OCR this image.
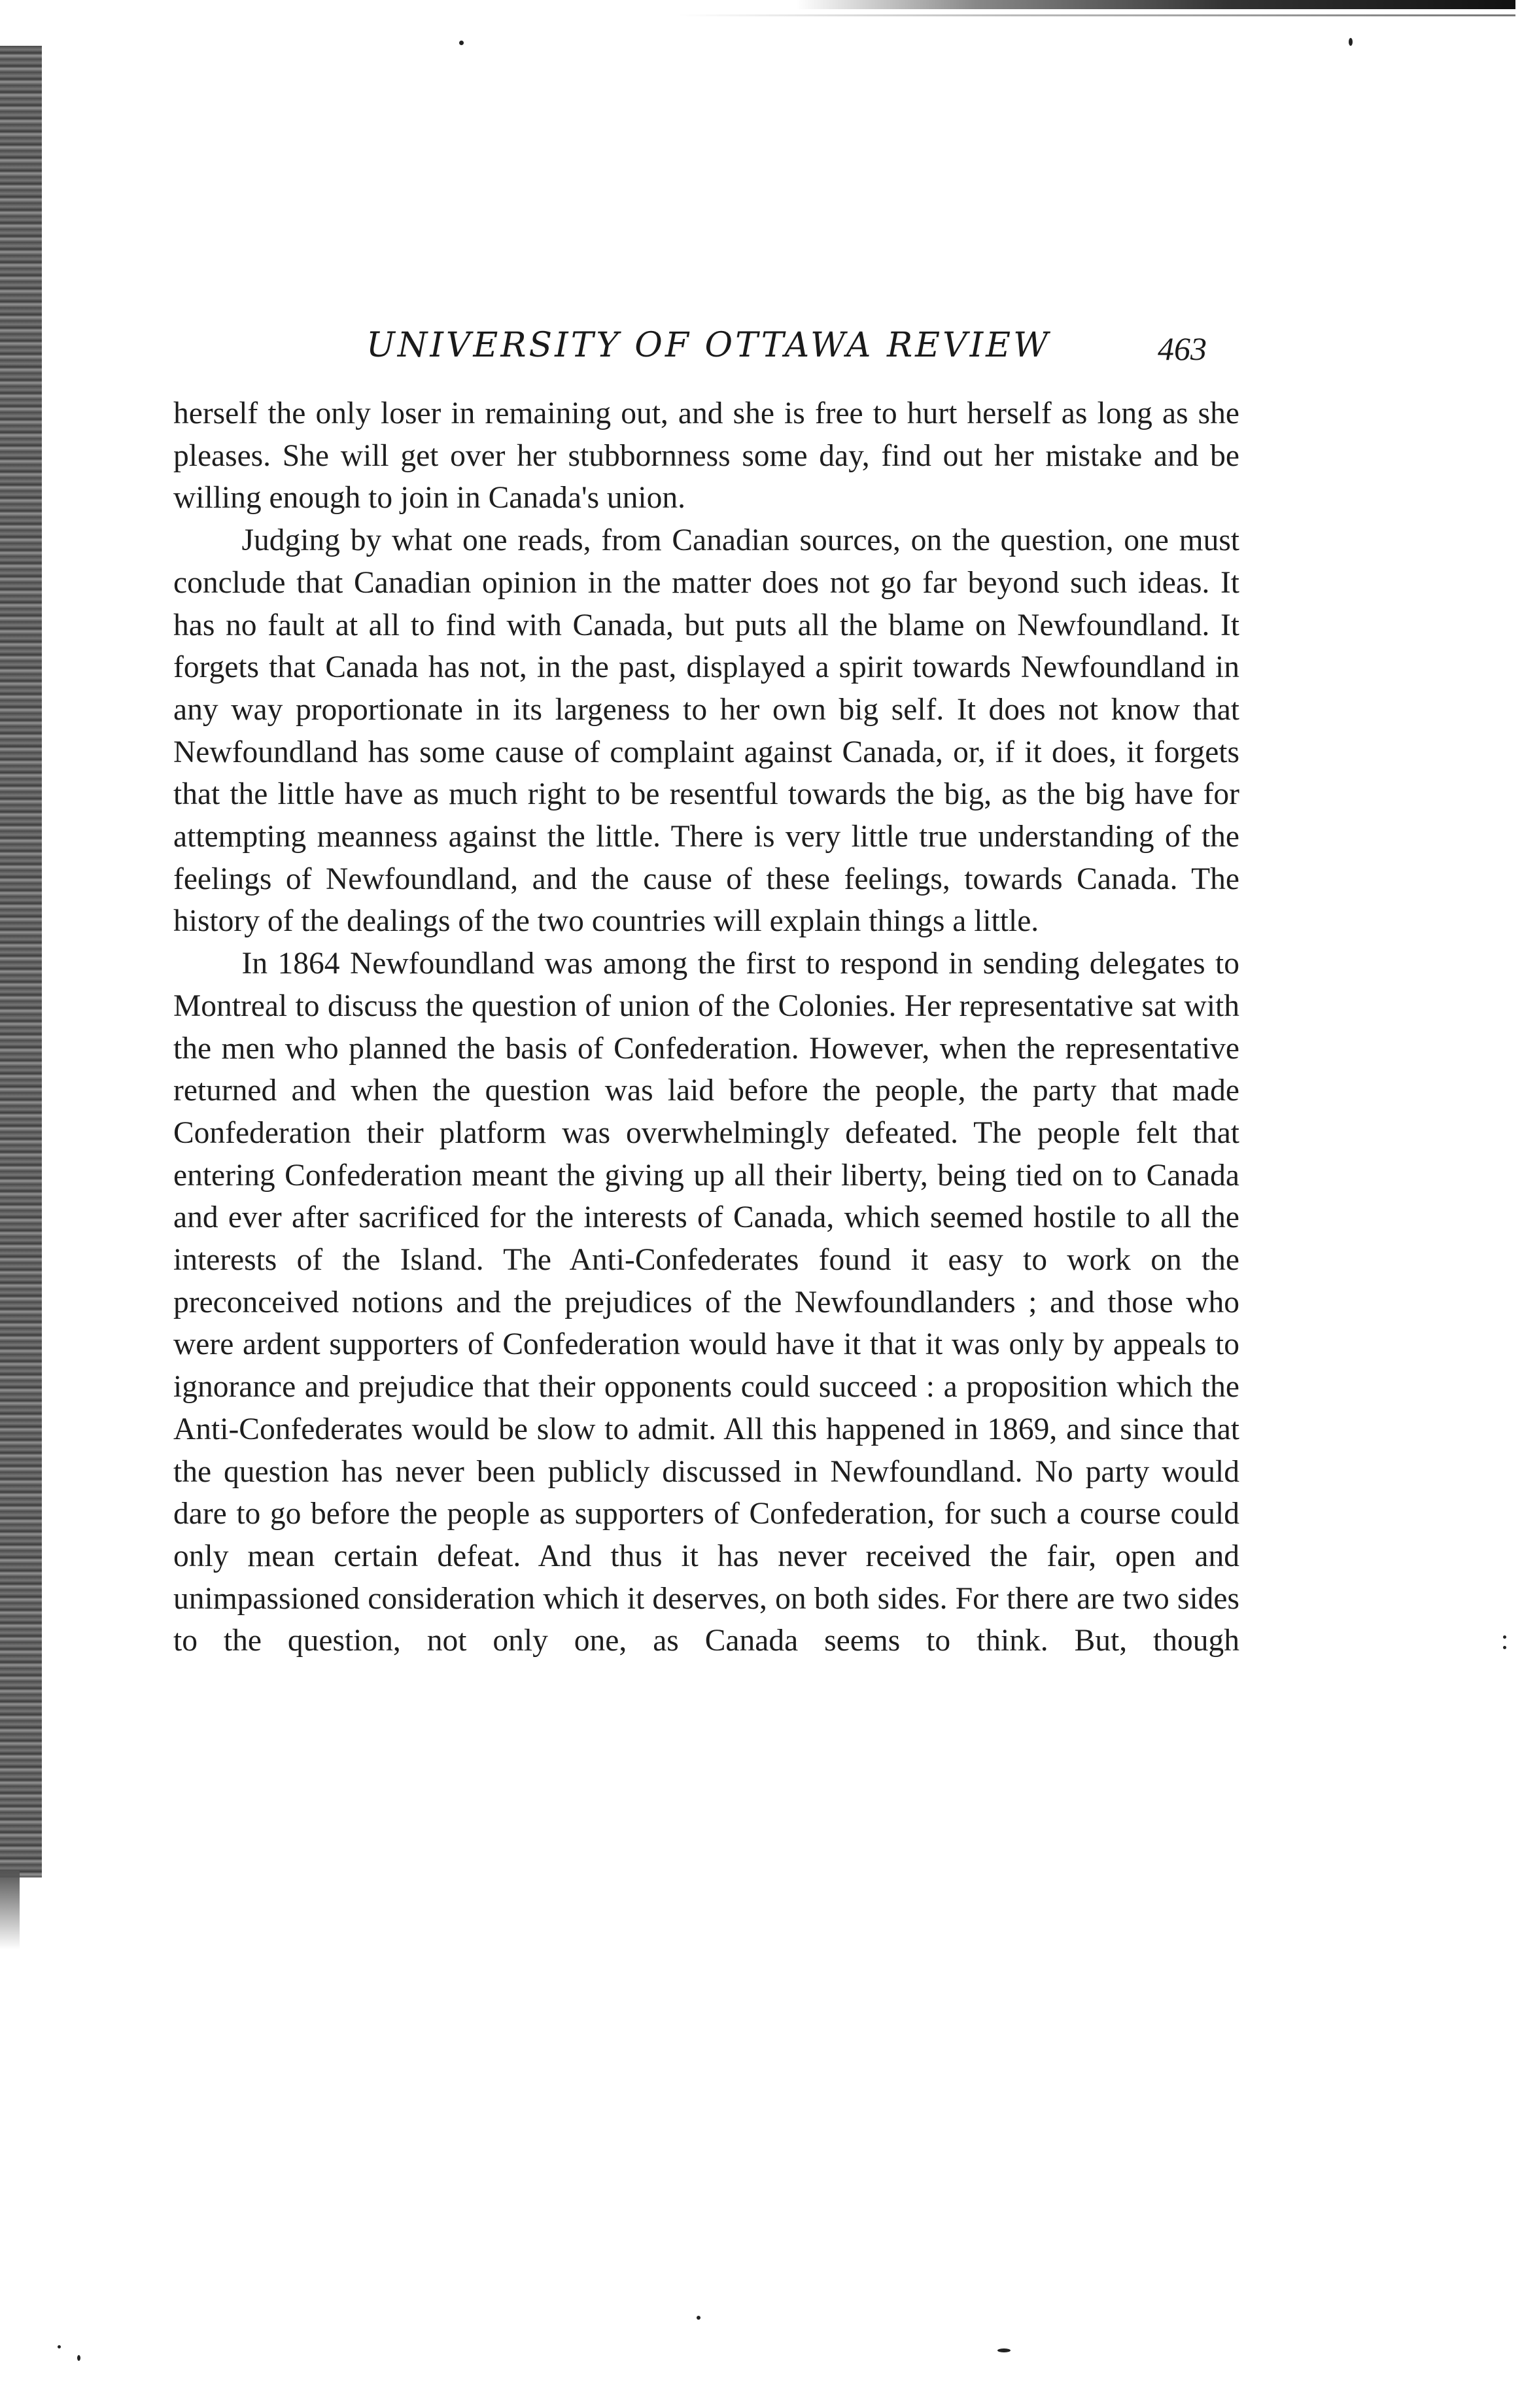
UNIVERSITY OF OTTAWA REVIEW	463

herself the only loser in remaining out, and she is free to hurt herself as long as she pleases. She will get over her stubbornness some day, find out her mistake and be willing enough to join in Canada's union.

Judging by what one reads, from Canadian sources, on the question, one must conclude that Canadian opinion in the matter does not go far beyond such ideas. It has no fault at all to find with Canada, but puts all the blame on Newfoundland. It forgets that Canada has not, in the past, displayed a spirit towards Newfoundland in any way proportionate in its largeness to her own big self. It does not know that Newfoundland has some cause of complaint against Canada, or, if it does, it forgets that the little have as much right to be resentful towards the big, as the big have for attempting meanness against the little. There is very little true understanding of the feelings of Newfoundland, and the cause of these feelings, towards Canada. The history of the dealings of the two countries will explain things a little.

In 1864 Newfoundland was among the first to respond in sending delegates to Montreal to discuss the question of union of the Colonies. Her representative sat with the men who planned the basis of Confederation. However, when the representative returned and when the question was laid before the people, the party that made Confederation their platform was overwhelmingly defeated. The people felt that entering Confederation meant the giving up all their liberty, being tied on to Canada and ever after sacrificed for the interests of Canada, which seemed hostile to all the interests of the Island. The Anti-Confederates found it easy to work on the preconceived notions and the prejudices of the Newfoundlanders ; and those who were ardent supporters of Confederation would have it that it was only by appeals to ignorance and prejudice that their opponents could succeed : a proposition which the Anti-Confederates would be slow to admit. All this happened in 1869, and since that the question has never been publicly discussed in Newfoundland. No party would dare to go before the people as supporters of Confederation, for such a course could only mean certain defeat. And thus it has never received the fair, open and unimpassioned consideration which it deserves, on both sides. For there are two sides to the question, not only one, as Canada seems to think. But, though
